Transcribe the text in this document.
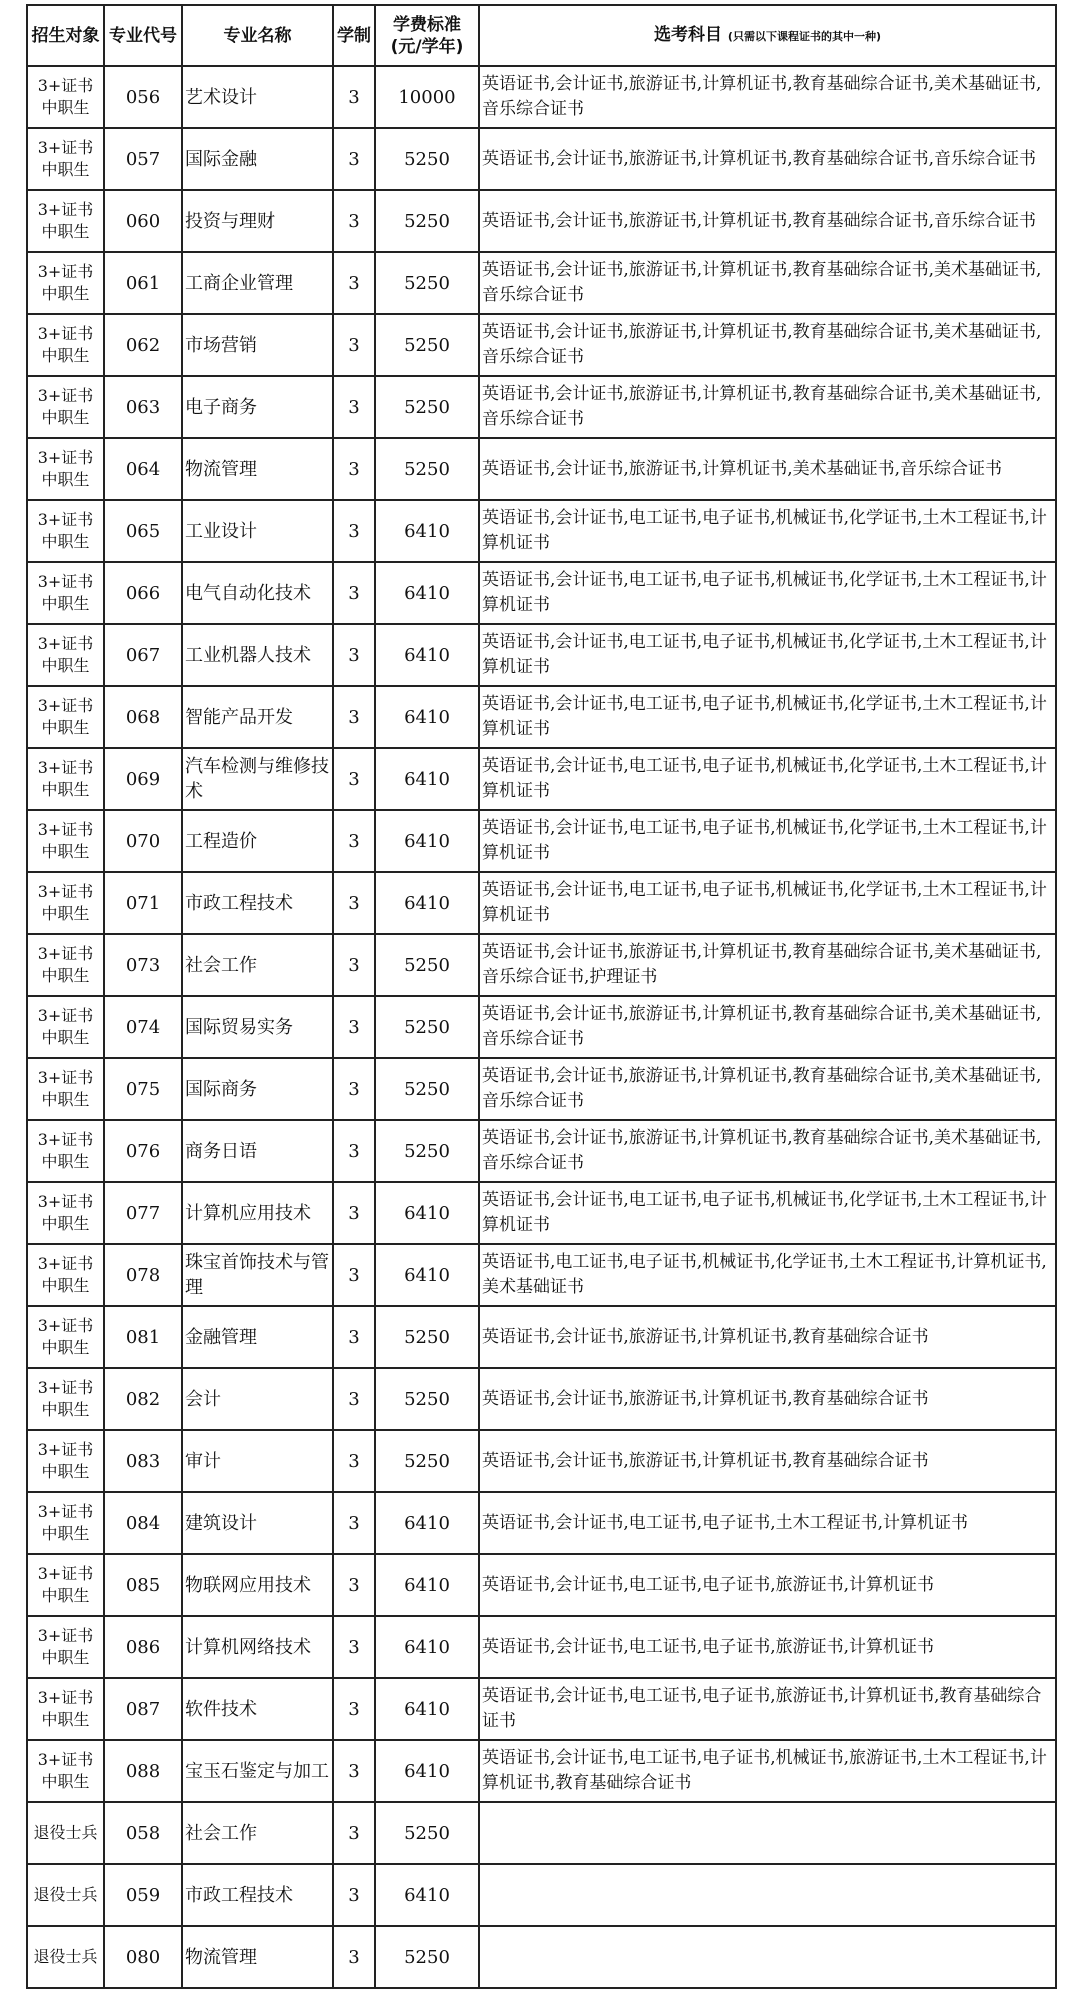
招生对象	专业代号	专业名称	学制	学费标准
(元/学年)	选考科目 (只需以下课程证书的其中一种)
3+证书
中职生	056	艺术设计	3	10000	英语证书,会计证书,旅游证书,计算机证书,教育基础综合证书,美术基础证书,音乐综合证书
3+证书
中职生	057	国际金融	3	5250	英语证书,会计证书,旅游证书,计算机证书,教育基础综合证书,音乐综合证书
3+证书
中职生	060	投资与理财	3	5250	英语证书,会计证书,旅游证书,计算机证书,教育基础综合证书,音乐综合证书
3+证书
中职生	061	工商企业管理	3	5250	英语证书,会计证书,旅游证书,计算机证书,教育基础综合证书,美术基础证书,音乐综合证书
3+证书
中职生	062	市场营销	3	5250	英语证书,会计证书,旅游证书,计算机证书,教育基础综合证书,美术基础证书,音乐综合证书
3+证书
中职生	063	电子商务	3	5250	英语证书,会计证书,旅游证书,计算机证书,教育基础综合证书,美术基础证书,音乐综合证书
3+证书
中职生	064	物流管理	3	5250	英语证书,会计证书,旅游证书,计算机证书,美术基础证书,音乐综合证书
3+证书
中职生	065	工业设计	3	6410	英语证书,会计证书,电工证书,电子证书,机械证书,化学证书,土木工程证书,计算机证书
3+证书
中职生	066	电气自动化技术	3	6410	英语证书,会计证书,电工证书,电子证书,机械证书,化学证书,土木工程证书,计算机证书
3+证书
中职生	067	工业机器人技术	3	6410	英语证书,会计证书,电工证书,电子证书,机械证书,化学证书,土木工程证书,计算机证书
3+证书
中职生	068	智能产品开发	3	6410	英语证书,会计证书,电工证书,电子证书,机械证书,化学证书,土木工程证书,计算机证书
3+证书
中职生	069	汽车检测与维修技术	3	6410	英语证书,会计证书,电工证书,电子证书,机械证书,化学证书,土木工程证书,计算机证书
3+证书
中职生	070	工程造价	3	6410	英语证书,会计证书,电工证书,电子证书,机械证书,化学证书,土木工程证书,计算机证书
3+证书
中职生	071	市政工程技术	3	6410	英语证书,会计证书,电工证书,电子证书,机械证书,化学证书,土木工程证书,计算机证书
3+证书
中职生	073	社会工作	3	5250	英语证书,会计证书,旅游证书,计算机证书,教育基础综合证书,美术基础证书,音乐综合证书,护理证书
3+证书
中职生	074	国际贸易实务	3	5250	英语证书,会计证书,旅游证书,计算机证书,教育基础综合证书,美术基础证书,音乐综合证书
3+证书
中职生	075	国际商务	3	5250	英语证书,会计证书,旅游证书,计算机证书,教育基础综合证书,美术基础证书,音乐综合证书
3+证书
中职生	076	商务日语	3	5250	英语证书,会计证书,旅游证书,计算机证书,教育基础综合证书,美术基础证书,音乐综合证书
3+证书
中职生	077	计算机应用技术	3	6410	英语证书,会计证书,电工证书,电子证书,机械证书,化学证书,土木工程证书,计算机证书
3+证书
中职生	078	珠宝首饰技术与管理	3	6410	英语证书,电工证书,电子证书,机械证书,化学证书,土木工程证书,计算机证书,美术基础证书
3+证书
中职生	081	金融管理	3	5250	英语证书,会计证书,旅游证书,计算机证书,教育基础综合证书
3+证书
中职生	082	会计	3	5250	英语证书,会计证书,旅游证书,计算机证书,教育基础综合证书
3+证书
中职生	083	审计	3	5250	英语证书,会计证书,旅游证书,计算机证书,教育基础综合证书
3+证书
中职生	084	建筑设计	3	6410	英语证书,会计证书,电工证书,电子证书,土木工程证书,计算机证书
3+证书
中职生	085	物联网应用技术	3	6410	英语证书,会计证书,电工证书,电子证书,旅游证书,计算机证书
3+证书
中职生	086	计算机网络技术	3	6410	英语证书,会计证书,电工证书,电子证书,旅游证书,计算机证书
3+证书
中职生	087	软件技术	3	6410	英语证书,会计证书,电工证书,电子证书,旅游证书,计算机证书,教育基础综合证书
3+证书
中职生	088	宝玉石鉴定与加工	3	6410	英语证书,会计证书,电工证书,电子证书,机械证书,旅游证书,土木工程证书,计算机证书,教育基础综合证书
退役士兵	058	社会工作	3	5250	
退役士兵	059	市政工程技术	3	6410	
退役士兵	080	物流管理	3	5250	
